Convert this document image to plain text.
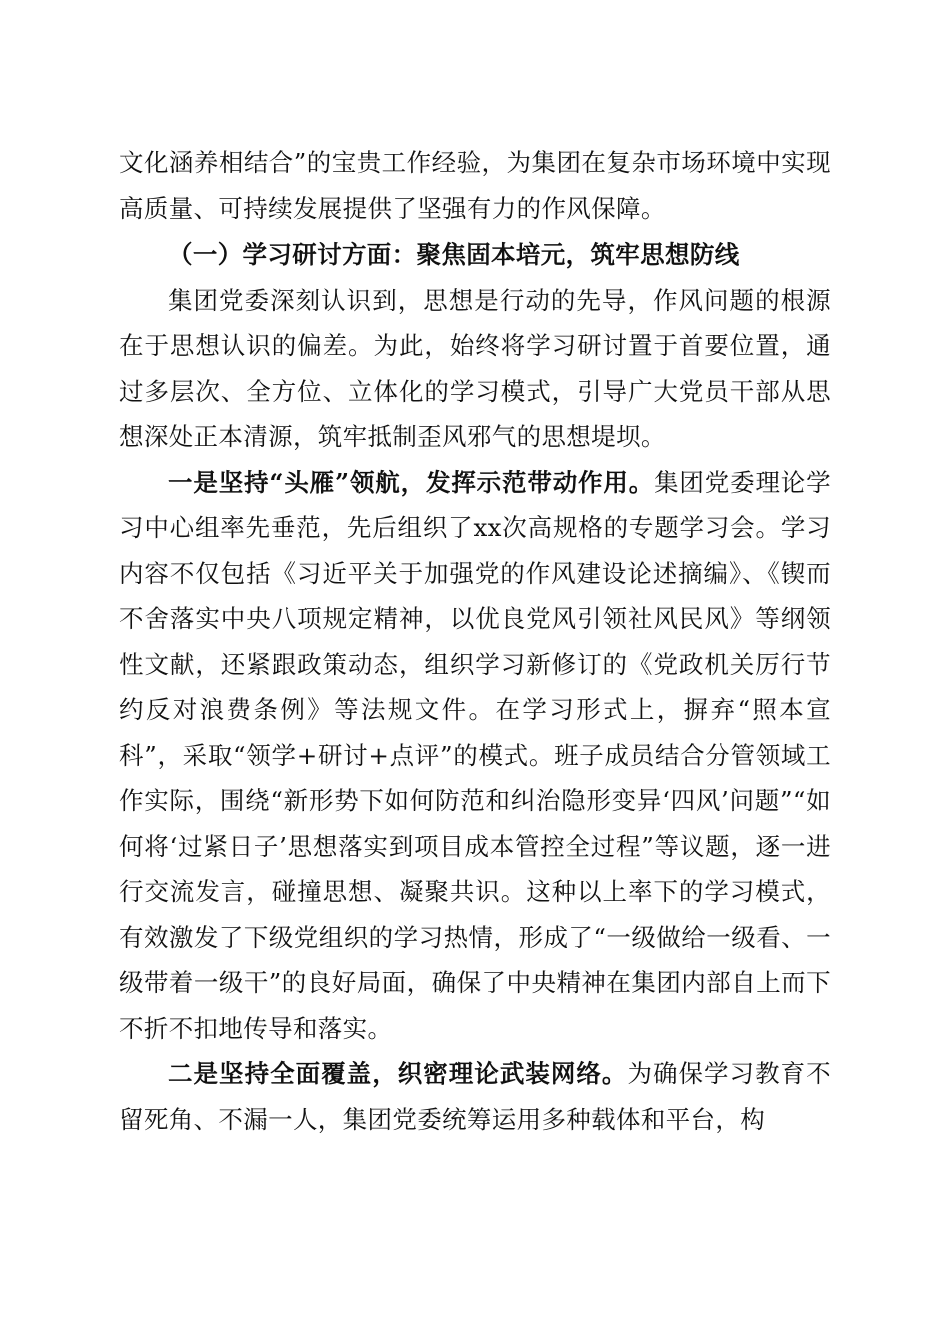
文化涵养相结合”的宝贵工作经验，为集团在复杂市场环境中实现高质量、可持续发展提供了坚强有力的作风保障。

（一）学习研讨方面：聚焦固本培元，筑牢思想防线

集团党委深刻认识到，思想是行动的先导，作风问题的根源在于思想认识的偏差。为此，始终将学习研讨置于首要位置，通过多层次、全方位、立体化的学习模式，引导广大党员干部从思想深处正本清源，筑牢抵制歪风邪气的思想堤坝。

一是坚持“头雁”领航，发挥示范带动作用。集团党委理论学习中心组率先垂范，先后组织了xx次高规格的专题学习会。学习内容不仅包括《习近平关于加强党的作风建设论述摘编》、《锲而不舍落实中央八项规定精神，以优良党风引领社风民风》等纲领性文献，还紧跟政策动态，组织学习新修订的《党政机关厉行节约反对浪费条例》等法规文件。在学习形式上，摒弃“照本宣科”，采取“领学+研讨+点评”的模式。班子成员结合分管领域工作实际，围绕“新形势下如何防范和纠治隐形变异‘四风’问题”“如何将‘过紧日子’思想落实到项目成本管控全过程”等议题，逐一进行交流发言，碰撞思想、凝聚共识。这种以上率下的学习模式，有效激发了下级党组织的学习热情，形成了“一级做给一级看、一级带着一级干”的良好局面，确保了中央精神在集团内部自上而下不折不扣地传导和落实。

二是坚持全面覆盖，织密理论武装网络。为确保学习教育不留死角、不漏一人，集团党委统筹运用多种载体和平台，构
